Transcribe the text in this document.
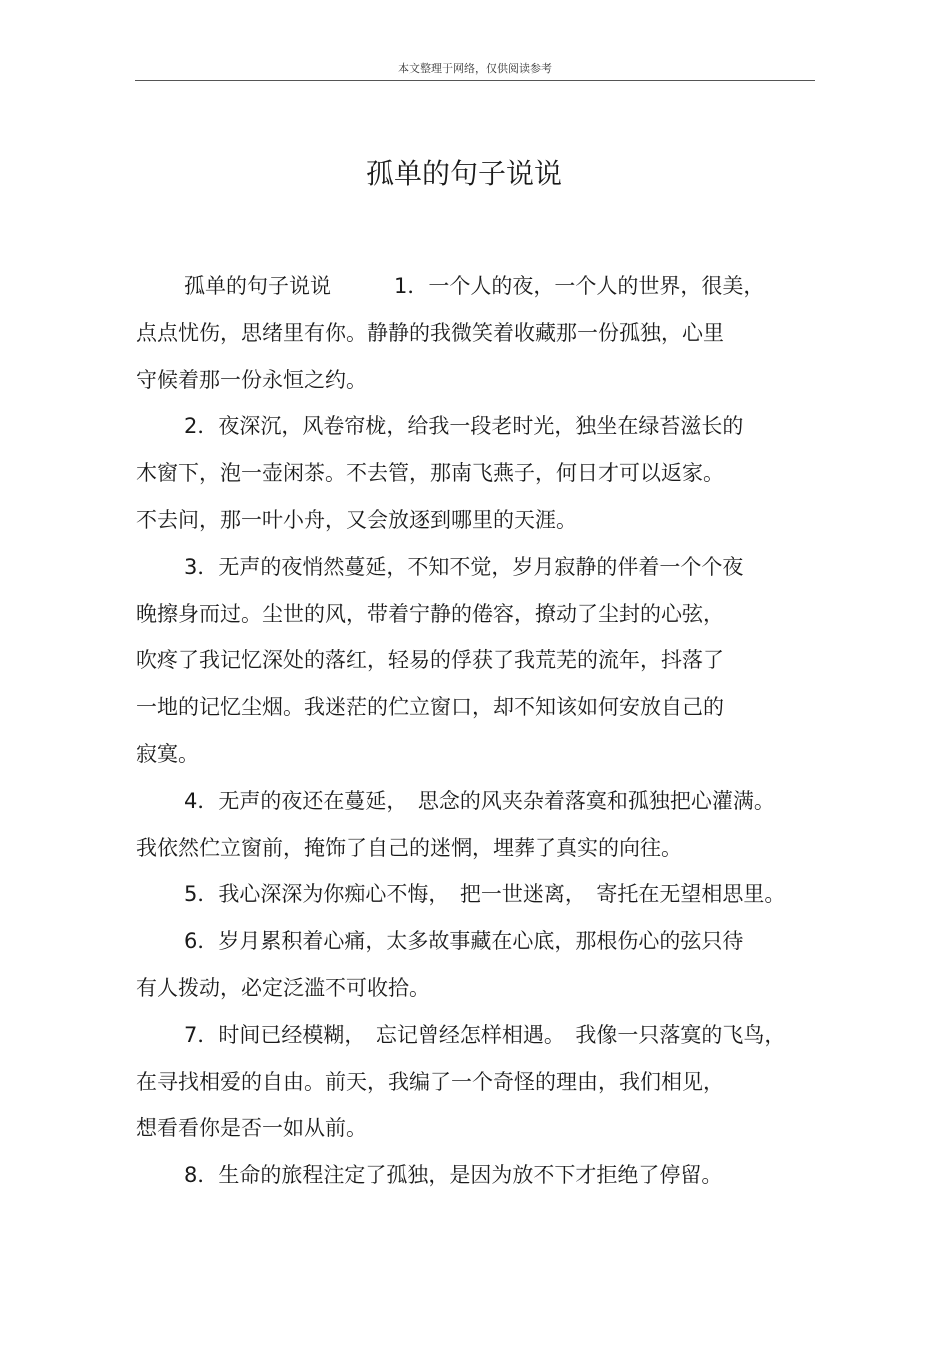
本文整理于网络，仅供阅读参考
孤单的句子说说
孤单的句子说说　　　1．一个人的夜，一个人的世界，很美，
点点忧伤，思绪里有你。静静的我微笑着收藏那一份孤独，心里
守候着那一份永恒之约。
2．夜深沉，风卷帘栊，给我一段老时光，独坐在绿苔滋长的
木窗下，泡一壶闲茶。不去管，那南飞燕子，何日才可以返家。
不去问，那一叶小舟，又会放逐到哪里的天涯。
3．无声的夜悄然蔓延，不知不觉，岁月寂静的伴着一个个夜
晚擦身而过。尘世的风，带着宁静的倦容，撩动了尘封的心弦，
吹疼了我记忆深处的落红，轻易的俘获了我荒芜的流年，抖落了
一地的记忆尘烟。我迷茫的伫立窗口，却不知该如何安放自己的
寂寞。
4．无声的夜还在蔓延，　思念的风夹杂着落寞和孤独把心灌满。
我依然伫立窗前，掩饰了自己的迷惘，埋葬了真实的向往。
5．我心深深为你痴心不悔，　把一世迷离，　寄托在无望相思里。
6．岁月累积着心痛，太多故事藏在心底，那根伤心的弦只待
有人拨动，必定泛滥不可收拾。
7．时间已经模糊，　忘记曾经怎样相遇。　我像一只落寞的飞鸟，
在寻找相爱的自由。前天，我编了一个奇怪的理由，我们相见，
想看看你是否一如从前。
8．生命的旅程注定了孤独，是因为放不下才拒绝了停留。
